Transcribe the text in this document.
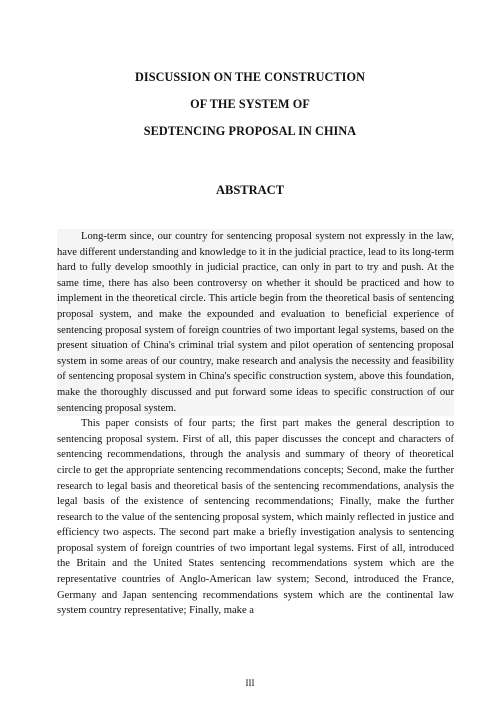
DISCUSSION ON THE CONSTRUCTION
OF THE SYSTEM OF
SEDTENCING PROPOSAL IN CHINA
ABSTRACT

Long-term since, our country for sentencing proposal system not expressly in the law, have different understanding and knowledge to it in the judicial practice, lead to its long-term hard to fully develop smoothly in judicial practice, can only in part to try and push. At the same time, there has also been controversy on whether it should be practiced and how to implement in the theoretical circle. This article begin from the theoretical basis of sentencing proposal system, and make the expounded and evaluation to beneficial experience of sentencing proposal system of foreign countries of two important legal systems, based on the present situation of China's criminal trial system and pilot operation of sentencing proposal system in some areas of our country, make research and analysis the necessity and feasibility of sentencing proposal system in China's specific construction system, above this foundation, make the thoroughly discussed and put forward some ideas to specific construction of our sentencing proposal system.

This paper consists of four parts; the first part makes the general description to sentencing proposal system. First of all, this paper discusses the concept and characters of sentencing recommendations, through the analysis and summary of theory of theoretical circle to get the appropriate sentencing recommendations concepts; Second, make the further research to legal basis and theoretical basis of the sentencing recommendations, analysis the legal basis of the existence of sentencing recommendations; Finally, make the further research to the value of the sentencing proposal system, which mainly reflected in justice and efficiency two aspects. The second part make a briefly investigation analysis to sentencing proposal system of foreign countries of two important legal systems. First of all, introduced the Britain and the United States sentencing recommendations system which are the representative countries of Anglo-American law system; Second, introduced the France, Germany and Japan sentencing recommendations system which are the continental law system country representative; Finally, make a

III
